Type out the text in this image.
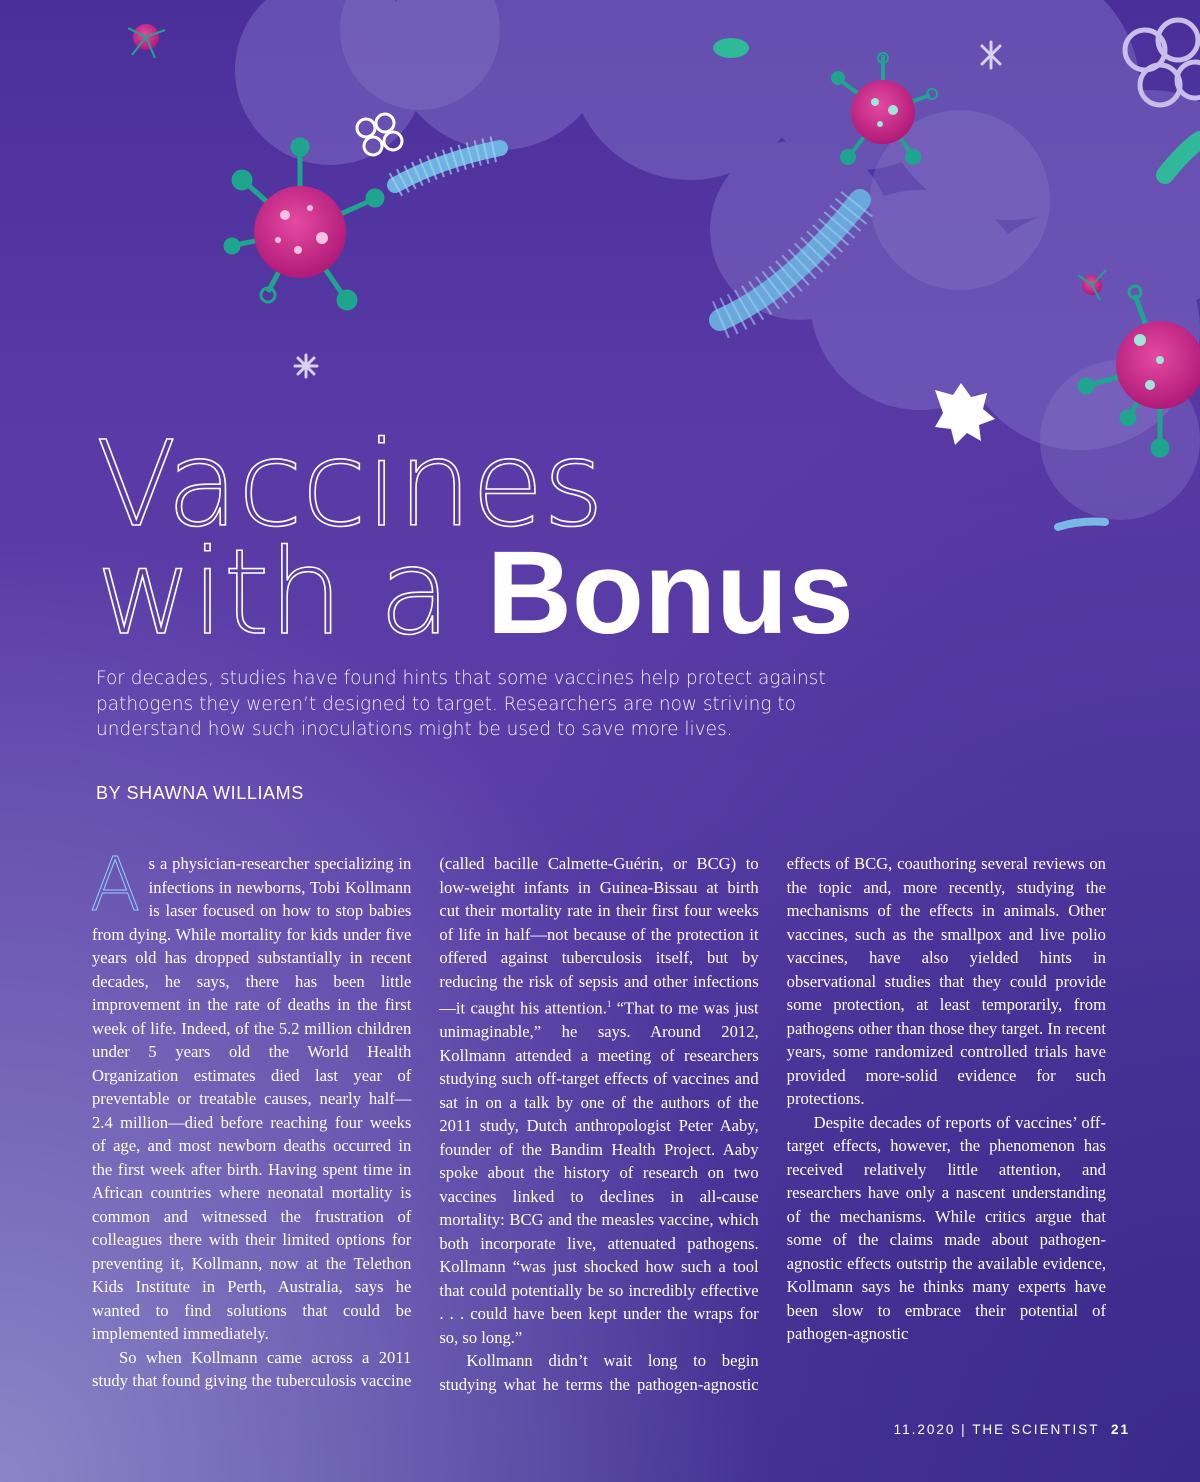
Vaccines
with a Bonus

For decades, studies have found hints that some vaccines help protect against pathogens they weren’t designed to target. Researchers are now striving to understand how such inoculations might be used to save more lives.

BY SHAWNA WILLIAMS

As a physician-researcher specializing in infections in newborns, Tobi Kollmann is laser focused on how to stop babies from dying. While mortality for kids under five years old has dropped substantially in recent decades, he says, there has been little improvement in the rate of deaths in the first week of life. Indeed, of the 5.2 million children under 5 years old the World Health Organization estimates died last year of preventable or treatable causes, nearly half—2.4 million—died before reaching four weeks of age, and most newborn deaths occurred in the first week after birth. Having spent time in African countries where neonatal mortality is common and witnessed the frustration of colleagues there with their limited options for preventing it, Kollmann, now at the Telethon Kids Institute in Perth, Australia, says he wanted to find solutions that could be implemented immediately.

So when Kollmann came across a 2011 study that found giving the tuberculosis vaccine (called bacille Calmette-Guérin, or BCG) to low-weight infants in Guinea-Bissau at birth cut their mortality rate in their first four weeks of life in half—not because of the protection it offered against tuberculosis itself, but by reducing the risk of sepsis and other infections—it caught his attention.$^1$ “That to me was just unimaginable,” he says. Around 2012, Kollmann attended a meeting of researchers studying such off-target effects of vaccines and sat in on a talk by one of the authors of the 2011 study, Dutch anthropologist Peter Aaby, founder of the Bandim Health Project. Aaby spoke about the history of research on two vaccines linked to declines in all-cause mortality: BCG and the measles vaccine, which both incorporate live, attenuated pathogens. Kollmann “was just shocked how such a tool that could potentially be so incredibly effective . . . could have been kept under the wraps for so, so long.”

Kollmann didn’t wait long to begin studying what he terms the pathogen-agnostic effects of BCG, coauthoring several reviews on the topic and, more recently, studying the mechanisms of the effects in animals. Other vaccines, such as the smallpox and live polio vaccines, have also yielded hints in observational studies that they could provide some protection, at least temporarily, from pathogens other than those they target. In recent years, some randomized controlled trials have provided more-solid evidence for such protections.

Despite decades of reports of vaccines’ off-target effects, however, the phenomenon has received relatively little attention, and researchers have only a nascent understanding of the mechanisms. While critics argue that some of the claims made about pathogen-agnostic effects outstrip the available evidence, Kollmann says he thinks many experts have been slow to embrace their potential of pathogen-agnostic

11.2020 | THE SCIENTIST 21
